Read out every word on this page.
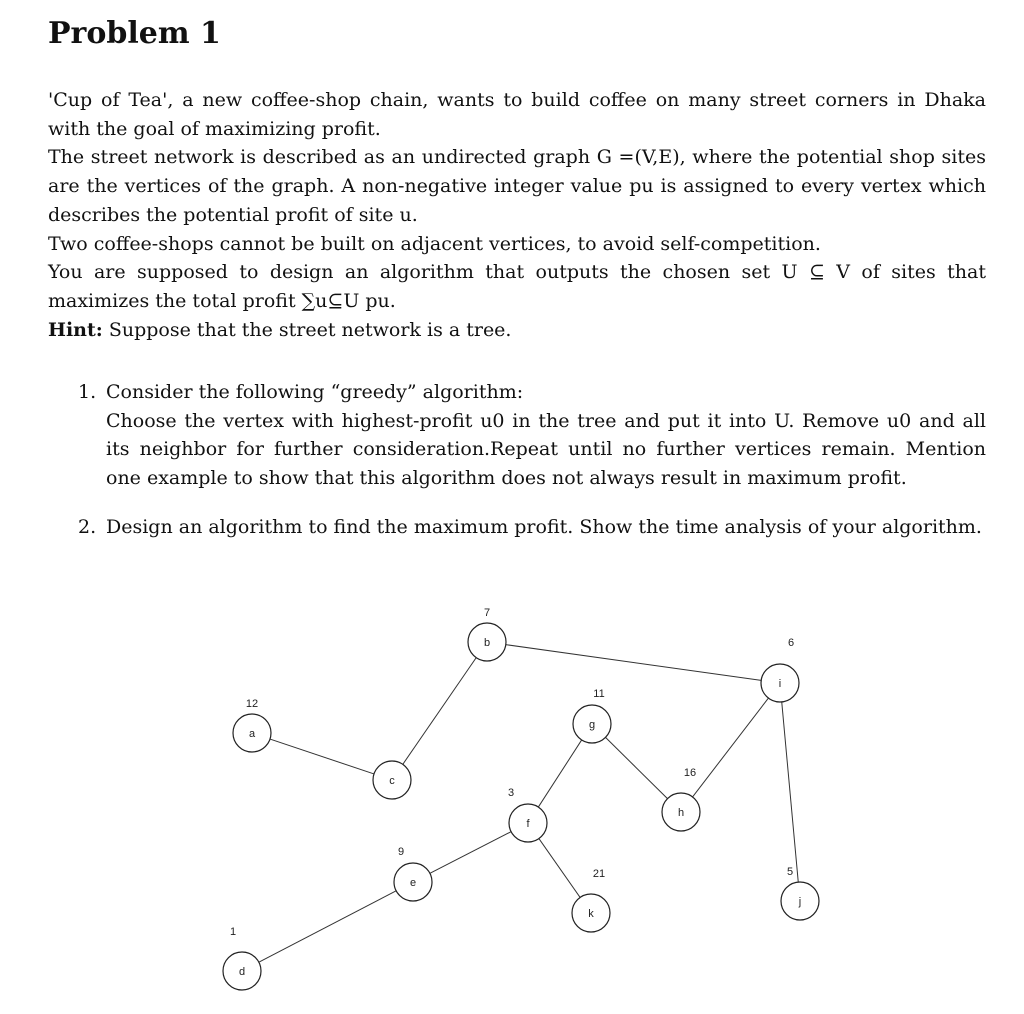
Problem 1

'Cup of Tea', a new coffee-shop chain, wants to build coffee on many street corners in Dhaka with the goal of maximizing profit.

The street network is described as an undirected graph G =(V,E), where the potential shop sites are the vertices of the graph. A non-negative integer value pu is assigned to every vertex which describes the potential profit of site u.

Two coffee-shops cannot be built on adjacent vertices, to avoid self-competition.

You are supposed to design an algorithm that outputs the chosen set U ⊆ V of sites that maximizes the total profit ∑u⊆U pu.

Hint: Suppose that the street network is a tree.

1. Consider the following “greedy” algorithm:

Choose the vertex with highest-profit u0 in the tree and put it into U. Remove u0 and all its neighbor for further consideration.Repeat until no further vertices remain. Mention one example to show that this algorithm does not always result in maximum profit.

2. Design an algorithm to find the maximum profit. Show the time analysis of your algorithm.

b
7
i
6
a
12
g
11
c
h
16
f
3
e
9
k
21
j
5
d
1
